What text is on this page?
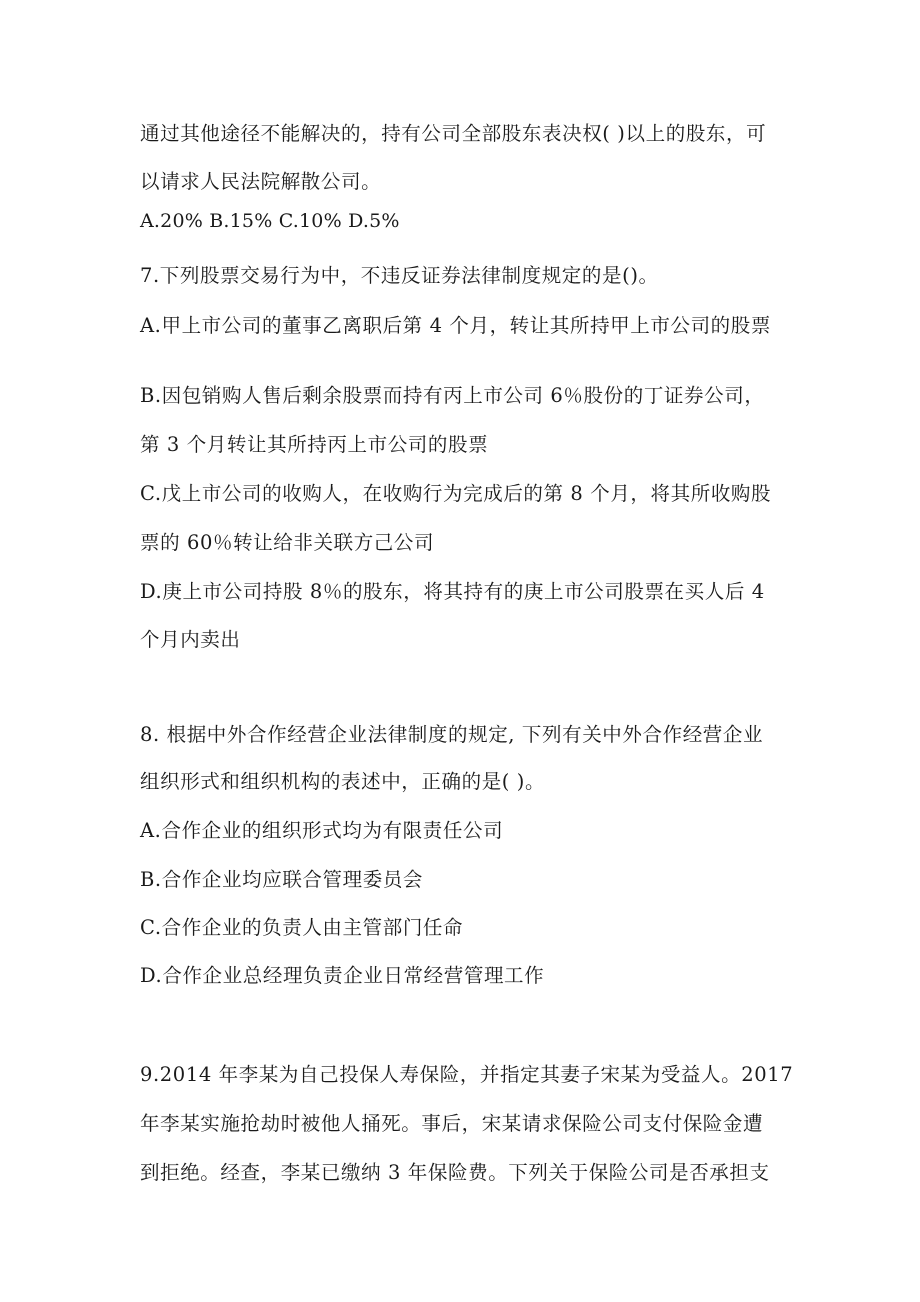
通过其他途径不能解决的，持有公司全部股东表决权( )以上的股东，可
以请求人民法院解散公司。
A.20% B.15% C.10% D.5%
7.下列股票交易行为中，不违反证券法律制度规定的是()。
A.甲上市公司的董事乙离职后第 4 个月，转让其所持甲上市公司的股票
B.因包销购人售后剩余股票而持有丙上市公司 6％股份的丁证券公司，
第 3 个月转让其所持丙上市公司的股票
C.戊上市公司的收购人，在收购行为完成后的第 8 个月，将其所收购股
票的 60％转让给非关联方己公司
D.庚上市公司持股 8％的股东，将其持有的庚上市公司股票在买人后 4
个月内卖出
8. 根据中外合作经营企业法律制度的规定, 下列有关中外合作经营企业
组织形式和组织机构的表述中，正确的是( )。
A.合作企业的组织形式均为有限责任公司
B.合作企业均应联合管理委员会
C.合作企业的负责人由主管部门任命
D.合作企业总经理负责企业日常经营管理工作
9.2014 年李某为自己投保人寿保险，并指定其妻子宋某为受益人。2017
年李某实施抢劫时被他人捅死。事后，宋某请求保险公司支付保险金遭
到拒绝。经查，李某已缴纳 3 年保险费。下列关于保险公司是否承担支
